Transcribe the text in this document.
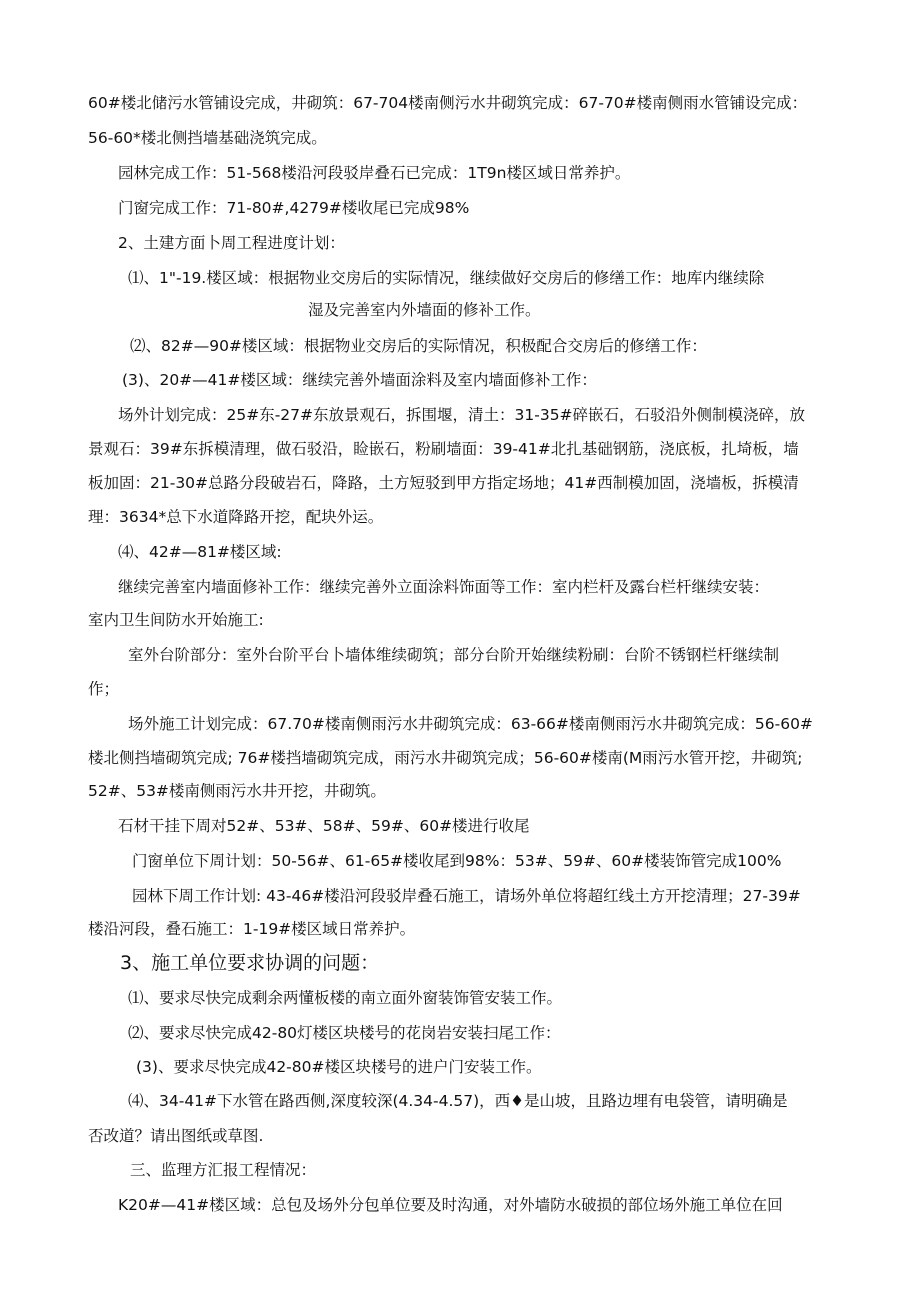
60#楼北储污水管铺设完成，井砌筑：67-704楼南侧污水井砌筑完成：67-70#楼南侧雨水管铺设完成：

56-60*楼北侧挡墙基础浇筑完成。

园林完成工作：51-568楼沿河段驳岸叠石已完成：1T9n楼区域日常养护。

门窗完成工作：71-80#,4279#楼收尾已完成98%

2、土建方面卜周工程进度计划：

⑴、1"-19.楼区域：根据物业交房后的实际情况，继续做好交房后的修缮工作：地库内继续除

湿及完善室内外墙面的修补工作。

⑵、82#—90#楼区域：根据物业交房后的实际情况，积极配合交房后的修缮工作：

(3)、20#—41#楼区域：继续完善外墙面涂料及室内墙面修补工作：

场外计划完成：25#东-27#东放景观石，拆围堰，清土：31-35#碎嵌石，石驳沿外侧制模浇碎，放

景观石：39#东拆模清理，做石驳沿，睑嵌石，粉刷墙面：39-41#北扎基础钢筋，浇底板，扎埼板，墙

板加固：21-30#总路分段破岩石，降路，土方短驳到甲方指定场地；41#西制模加固，浇墙板，拆模清

理：3634*总下水道降路开挖，配块外运。

⑷、42#—81#楼区域:

继续完善室内墙面修补工作：继续完善外立面涂料饰面等工作：室内栏杆及露台栏杆继续安装：

室内卫生间防水开始施工:

室外台阶部分：室外台阶平台卜墙体维续砌筑；部分台阶开始继续粉刷：台阶不锈钢栏杆继续制

作；

场外施工计划完成：67.70#楼南侧雨污水井砌筑完成：63-66#楼南侧雨污水井砌筑完成：56-60#

楼北侧挡墙砌筑完成; 76#楼挡墙砌筑完成，雨污水井砌筑完成；56-60#楼南(M雨污水管开挖，井砌筑;

52#、53#楼南侧雨污水井开挖，井砌筑。

石材干挂下周对52#、53#、58#、59#、60#楼进行收尾

门窗单位下周计划：50-56#、61-65#楼收尾到98%：53#、59#、60#楼装饰管完成100%

园林下周工作计划: 43-46#楼沿河段驳岸叠石施工，请场外单位将超红线土方开挖清理；27-39#

楼沿河段，叠石施工：1-19#楼区域日常养护。

3、施工单位要求协调的问题：

⑴、要求尽快完成剩余两懂板楼的南立面外窗装饰管安装工作。

⑵、要求尽快完成42-80灯楼区块楼号的花岗岩安装扫尾工作：

(3)、要求尽快完成42-80#楼区块楼号的进户门安装工作。

⑷、34-41#下水管在路西侧,深度较深(4.34-4.57)，西♦是山坡，且路边埋有电袋管，请明确是

否改道？请出图纸或草图.

三、监理方汇报工程情况：

K20#—41#楼区域：总包及场外分包单位要及时沟通，对外墙防水破损的部位场外施工单位在回
